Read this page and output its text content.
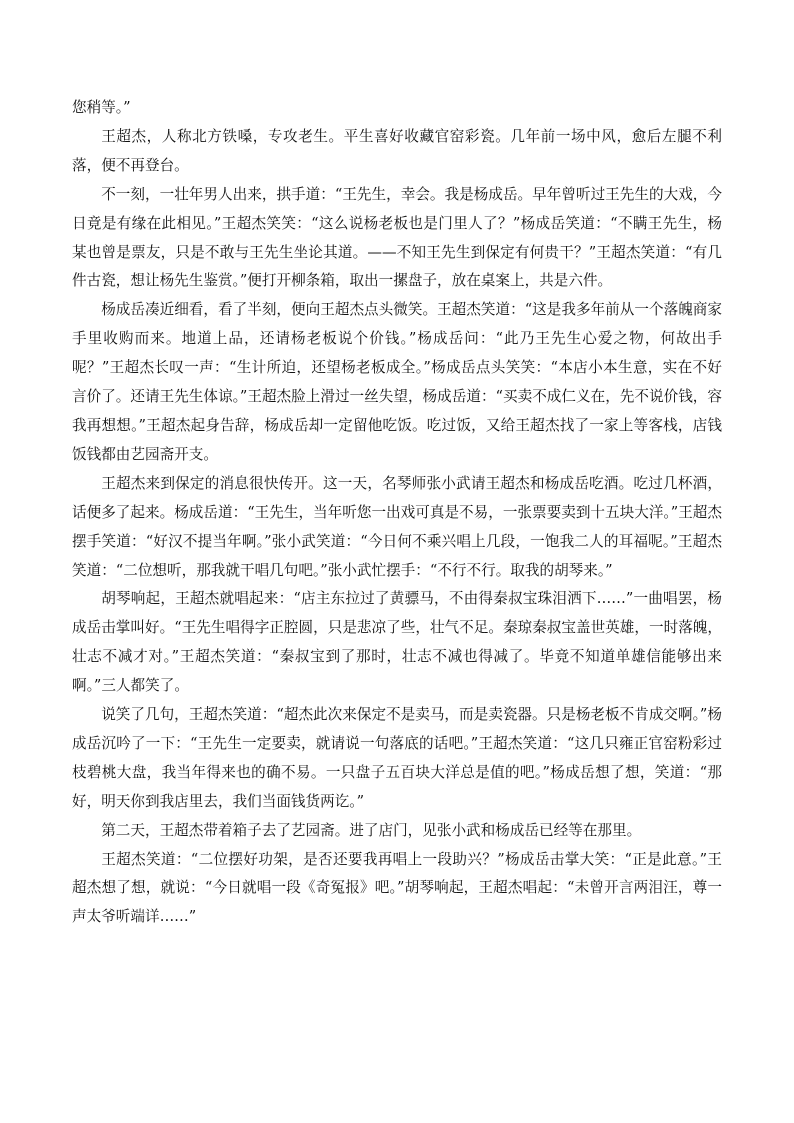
您稍等。”

王超杰，人称北方铁嗓，专攻老生。平生喜好收藏官窑彩瓷。几年前一场中风，愈后左腿不利落，便不再登台。

不一刻，一壮年男人出来，拱手道：“王先生，幸会。我是杨成岳。早年曾听过王先生的大戏，今日竟是有缘在此相见。”王超杰笑笑：“这么说杨老板也是门里人了？”杨成岳笑道：“不瞒王先生，杨某也曾是票友，只是不敢与王先生坐论其道。——不知王先生到保定有何贵干？”王超杰笑道：“有几件古瓷，想让杨先生鉴赏。”便打开柳条箱，取出一摞盘子，放在桌案上，共是六件。

杨成岳凑近细看，看了半刻，便向王超杰点头微笑。王超杰笑道：“这是我多年前从一个落魄商家手里收购而来。地道上品，还请杨老板说个价钱。”杨成岳问：“此乃王先生心爱之物，何故出手呢？”王超杰长叹一声：“生计所迫，还望杨老板成全。”杨成岳点头笑笑：“本店小本生意，实在不好言价了。还请王先生体谅。”王超杰脸上滑过一丝失望，杨成岳道：“买卖不成仁义在，先不说价钱，容我再想想。”王超杰起身告辞，杨成岳却一定留他吃饭。吃过饭，又给王超杰找了一家上等客栈，店钱饭钱都由艺园斋开支。

王超杰来到保定的消息很快传开。这一天，名琴师张小武请王超杰和杨成岳吃酒。吃过几杯酒，话便多了起来。杨成岳道：“王先生，当年听您一出戏可真是不易，一张票要卖到十五块大洋。”王超杰摆手笑道：“好汉不提当年啊。”张小武笑道：“今日何不乘兴唱上几段，一饱我二人的耳福呢。”王超杰笑道：“二位想听，那我就干唱几句吧。”张小武忙摆手：“不行不行。取我的胡琴来。”

胡琴响起，王超杰就唱起来：“店主东拉过了黄骠马，不由得秦叔宝珠泪洒下……”一曲唱罢，杨成岳击掌叫好。“王先生唱得字正腔圆，只是悲凉了些，壮气不足。秦琼秦叔宝盖世英雄，一时落魄，壮志不减才对。”王超杰笑道：“秦叔宝到了那时，壮志不减也得减了。毕竟不知道单雄信能够出来啊。”三人都笑了。

说笑了几句，王超杰笑道：“超杰此次来保定不是卖马，而是卖瓷器。只是杨老板不肯成交啊。”杨成岳沉吟了一下：“王先生一定要卖，就请说一句落底的话吧。”王超杰笑道：“这几只雍正官窑粉彩过枝碧桃大盘，我当年得来也的确不易。一只盘子五百块大洋总是值的吧。”杨成岳想了想，笑道：“那好，明天你到我店里去，我们当面钱货两讫。”

第二天，王超杰带着箱子去了艺园斋。进了店门，见张小武和杨成岳已经等在那里。

王超杰笑道：“二位摆好功架，是否还要我再唱上一段助兴？”杨成岳击掌大笑：“正是此意。”王超杰想了想，就说：“今日就唱一段《奇冤报》吧。”胡琴响起，王超杰唱起：“未曾开言两泪汪，尊一声太爷听端详……”
